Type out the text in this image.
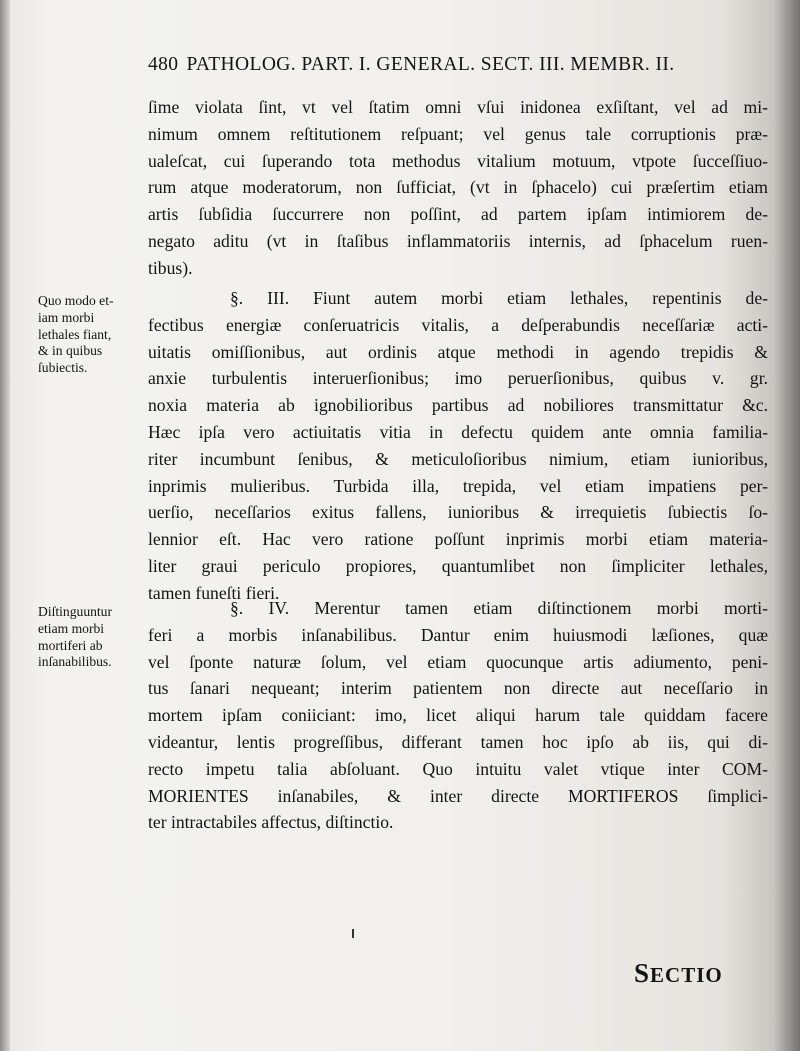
480 PATHOLOG. PART. I. GENERAL. SECT. III. MEMBR. II.
ſime violata ſint, vt vel ſtatim omni vſui inidonea exſiſtant, vel ad mi-
nimum omnem reſtitutionem reſpuant; vel genus tale corruptionis præ-
ualeſcat, cui ſuperando tota methodus vitalium motuum, vtpote ſucceſſiuo-
rum atque moderatorum, non ſufficiat, (vt in ſphacelo) cui præſertim etiam
artis ſubſidia ſuccurrere non poſſint, ad partem ipſam intimiorem de-
negato aditu (vt in ſtaſibus inflammatoriis internis, ad ſphacelum ruen-
tibus).
Quo modo et-
iam morbi
lethales fiant,
& in quibus
ſubiectis.
§. III. Fiunt autem morbi etiam lethales, repentinis de-
fectibus energiæ conſeruatricis vitalis, a deſperabundis neceſſariæ acti-
uitatis omiſſionibus, aut ordinis atque methodi in agendo trepidis &
anxie turbulentis interuerſionibus; imo peruerſionibus, quibus v. gr.
noxia materia ab ignobilioribus partibus ad nobiliores transmittatur &c.
Hæc ipſa vero actiuitatis vitia in defectu quidem ante omnia familia-
riter incumbunt ſenibus, & meticuloſioribus nimium, etiam iunioribus,
inprimis mulieribus. Turbida illa, trepida, vel etiam impatiens per-
uerſio, neceſſarios exitus fallens, iunioribus & irrequietis ſubiectis ſo-
lennior eſt. Hac vero ratione poſſunt inprimis morbi etiam materia-
liter graui periculo propiores, quantumlibet non ſimpliciter lethales,
tamen funeſti fieri.
Diſtinguuntur
etiam morbi
mortiferi ab
inſanabilibus.
§. IV. Merentur tamen etiam diſtinctionem morbi morti-
feri a morbis inſanabilibus. Dantur enim huiusmodi læſiones, quæ
vel ſponte naturæ ſolum, vel etiam quocunque artis adiumento, peni-
tus ſanari nequeant; interim patientem non directe aut neceſſario in
mortem ipſam coniiciant: imo, licet aliqui harum tale quiddam facere
videantur, lentis progreſſibus, differant tamen hoc ipſo ab iis, qui di-
recto impetu talia abſoluant. Quo intuitu valet vtique inter COM-
MORIENTES inſanabiles, & inter directe MORTIFEROS ſimplici-
ter intractabiles affectus, diſtinctio.
SECTIO
